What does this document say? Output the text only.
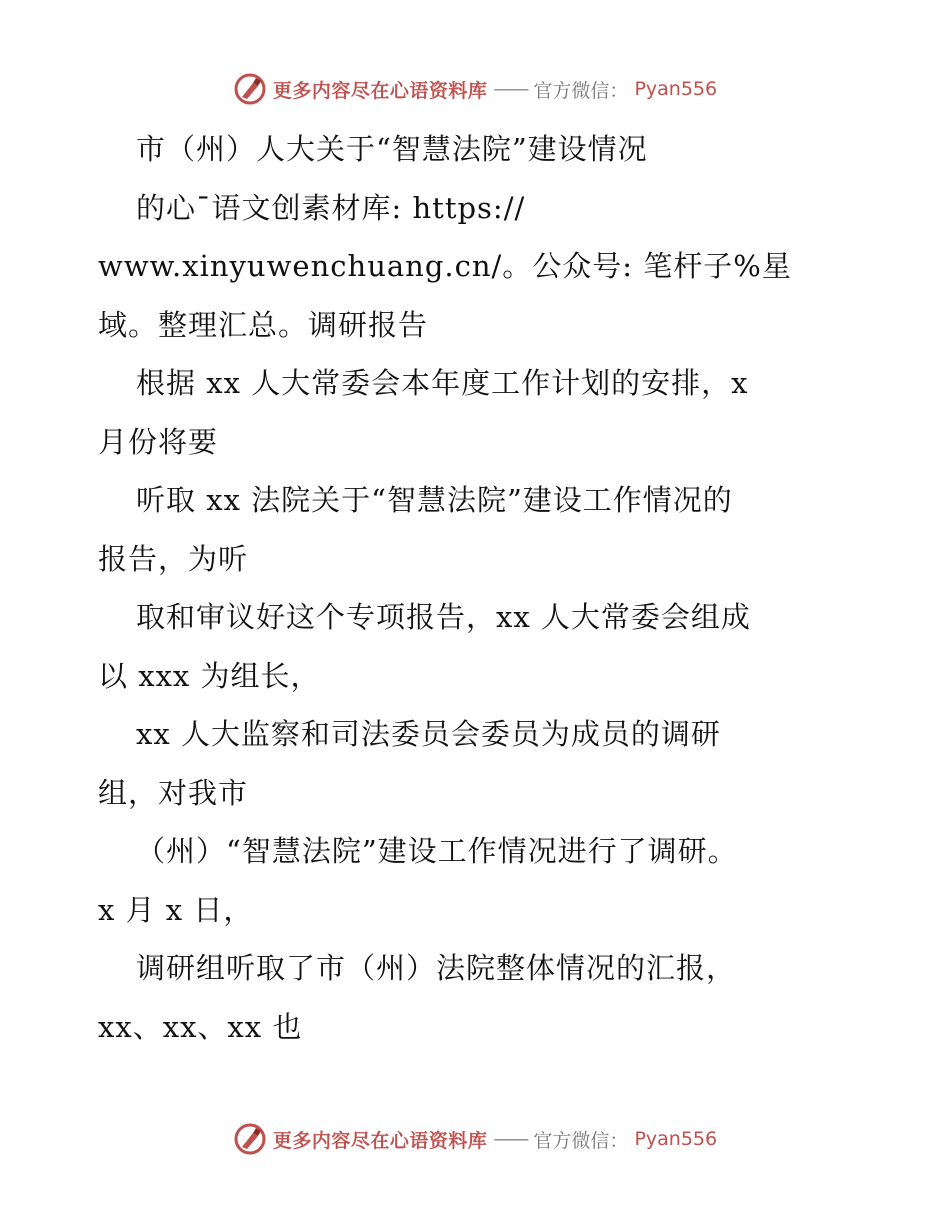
更多内容尽在心语资料库 —— 官方微信： Pyan556
市（州）人大关于“智慧法院”建设情况
的心¯语文创素材库: https://
www.xinyuwenchuang.cn/。公众号: 笔杆子%星
域。整理汇总。调研报告
根据 xx 人大常委会本年度工作计划的安排，x
月份将要
听取 xx 法院关于“智慧法院”建设工作情况的
报告，为听
取和审议好这个专项报告，xx 人大常委会组成
以 xxx 为组长，
xx 人大监察和司法委员会委员为成员的调研
组，对我市
（州）“智慧法院”建设工作情况进行了调研。
x 月 x 日，
调研组听取了市（州）法院整体情况的汇报，
xx、xx、xx 也
更多内容尽在心语资料库 —— 官方微信： Pyan556
